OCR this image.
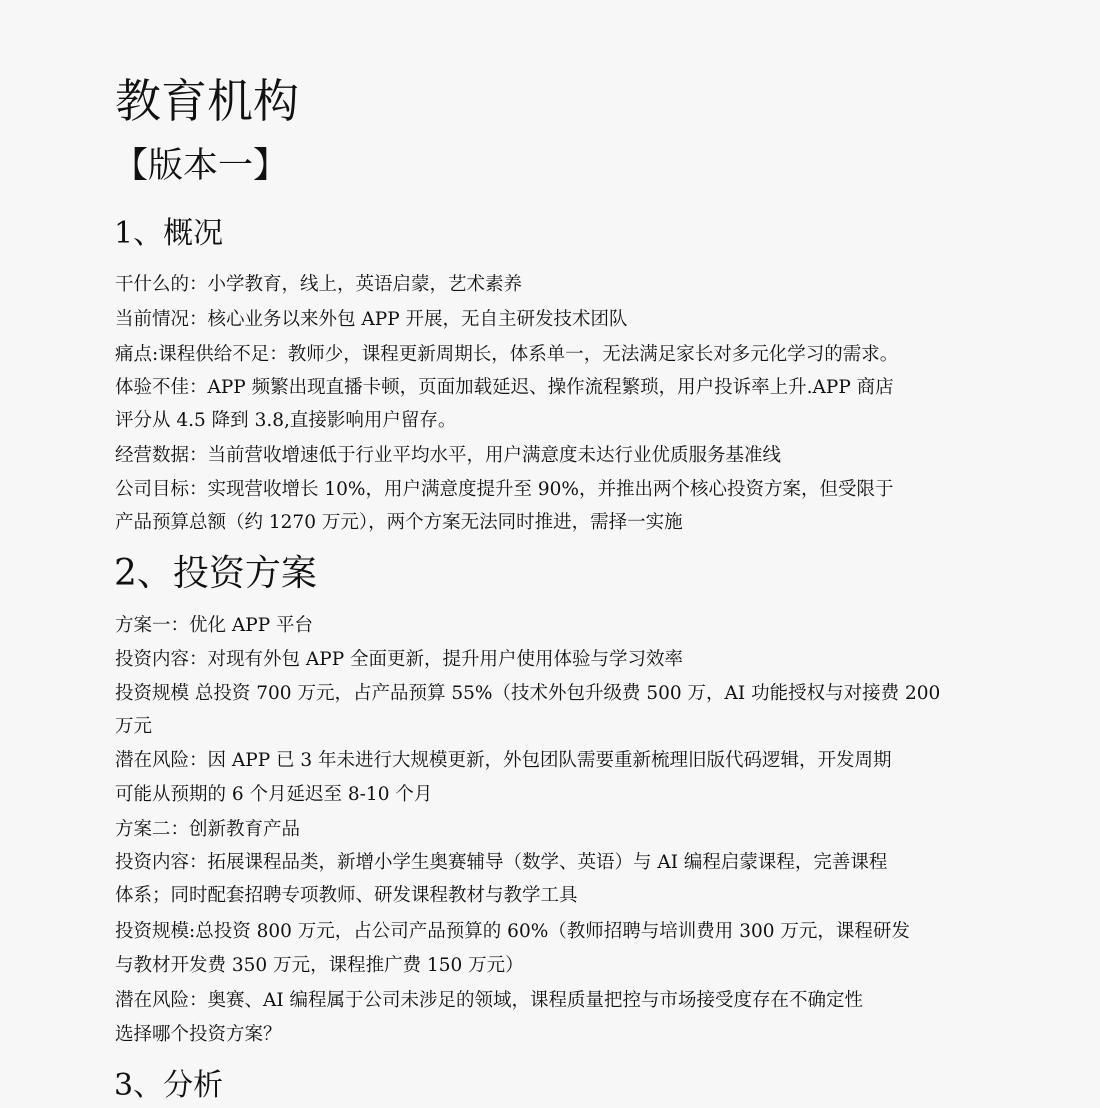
教育机构
【版本一】
1、概况
干什么的：小学教育，线上，英语启蒙，艺术素养
当前情况：核心业务以来外包 APP 开展，无自主研发技术团队
痛点:课程供给不足：教师少，课程更新周期长，体系单一，无法满足家长对多元化学习的需求。
体验不佳：APP 频繁出现直播卡顿，页面加载延迟、操作流程繁琐，用户投诉率上升.APP 商店
评分从 4.5 降到 3.8,直接影响用户留存。
经营数据：当前营收增速低于行业平均水平，用户满意度未达行业优质服务基准线
公司目标：实现营收增长 10%，用户满意度提升至 90%，并推出两个核心投资方案，但受限于
产品预算总额（约 1270 万元），两个方案无法同时推进，需择一实施
2、投资方案
方案一：优化 APP 平台
投资内容：对现有外包 APP 全面更新，提升用户使用体验与学习效率
投资规模 总投资 700 万元，占产品预算 55%（技术外包升级费 500 万，AI 功能授权与对接费 200
万元
潜在风险：因 APP 已 3 年未进行大规模更新，外包团队需要重新梳理旧版代码逻辑，开发周期
可能从预期的 6 个月延迟至 8-10 个月
方案二：创新教育产品
投资内容：拓展课程品类，新增小学生奥赛辅导（数学、英语）与 AI 编程启蒙课程，完善课程
体系；同时配套招聘专项教师、研发课程教材与教学工具
投资规模:总投资 800 万元，占公司产品预算的 60%（教师招聘与培训费用 300 万元，课程研发
与教材开发费 350 万元，课程推广费 150 万元）
潜在风险：奥赛、AI 编程属于公司未涉足的领域，课程质量把控与市场接受度存在不确定性
选择哪个投资方案？
3、分析
